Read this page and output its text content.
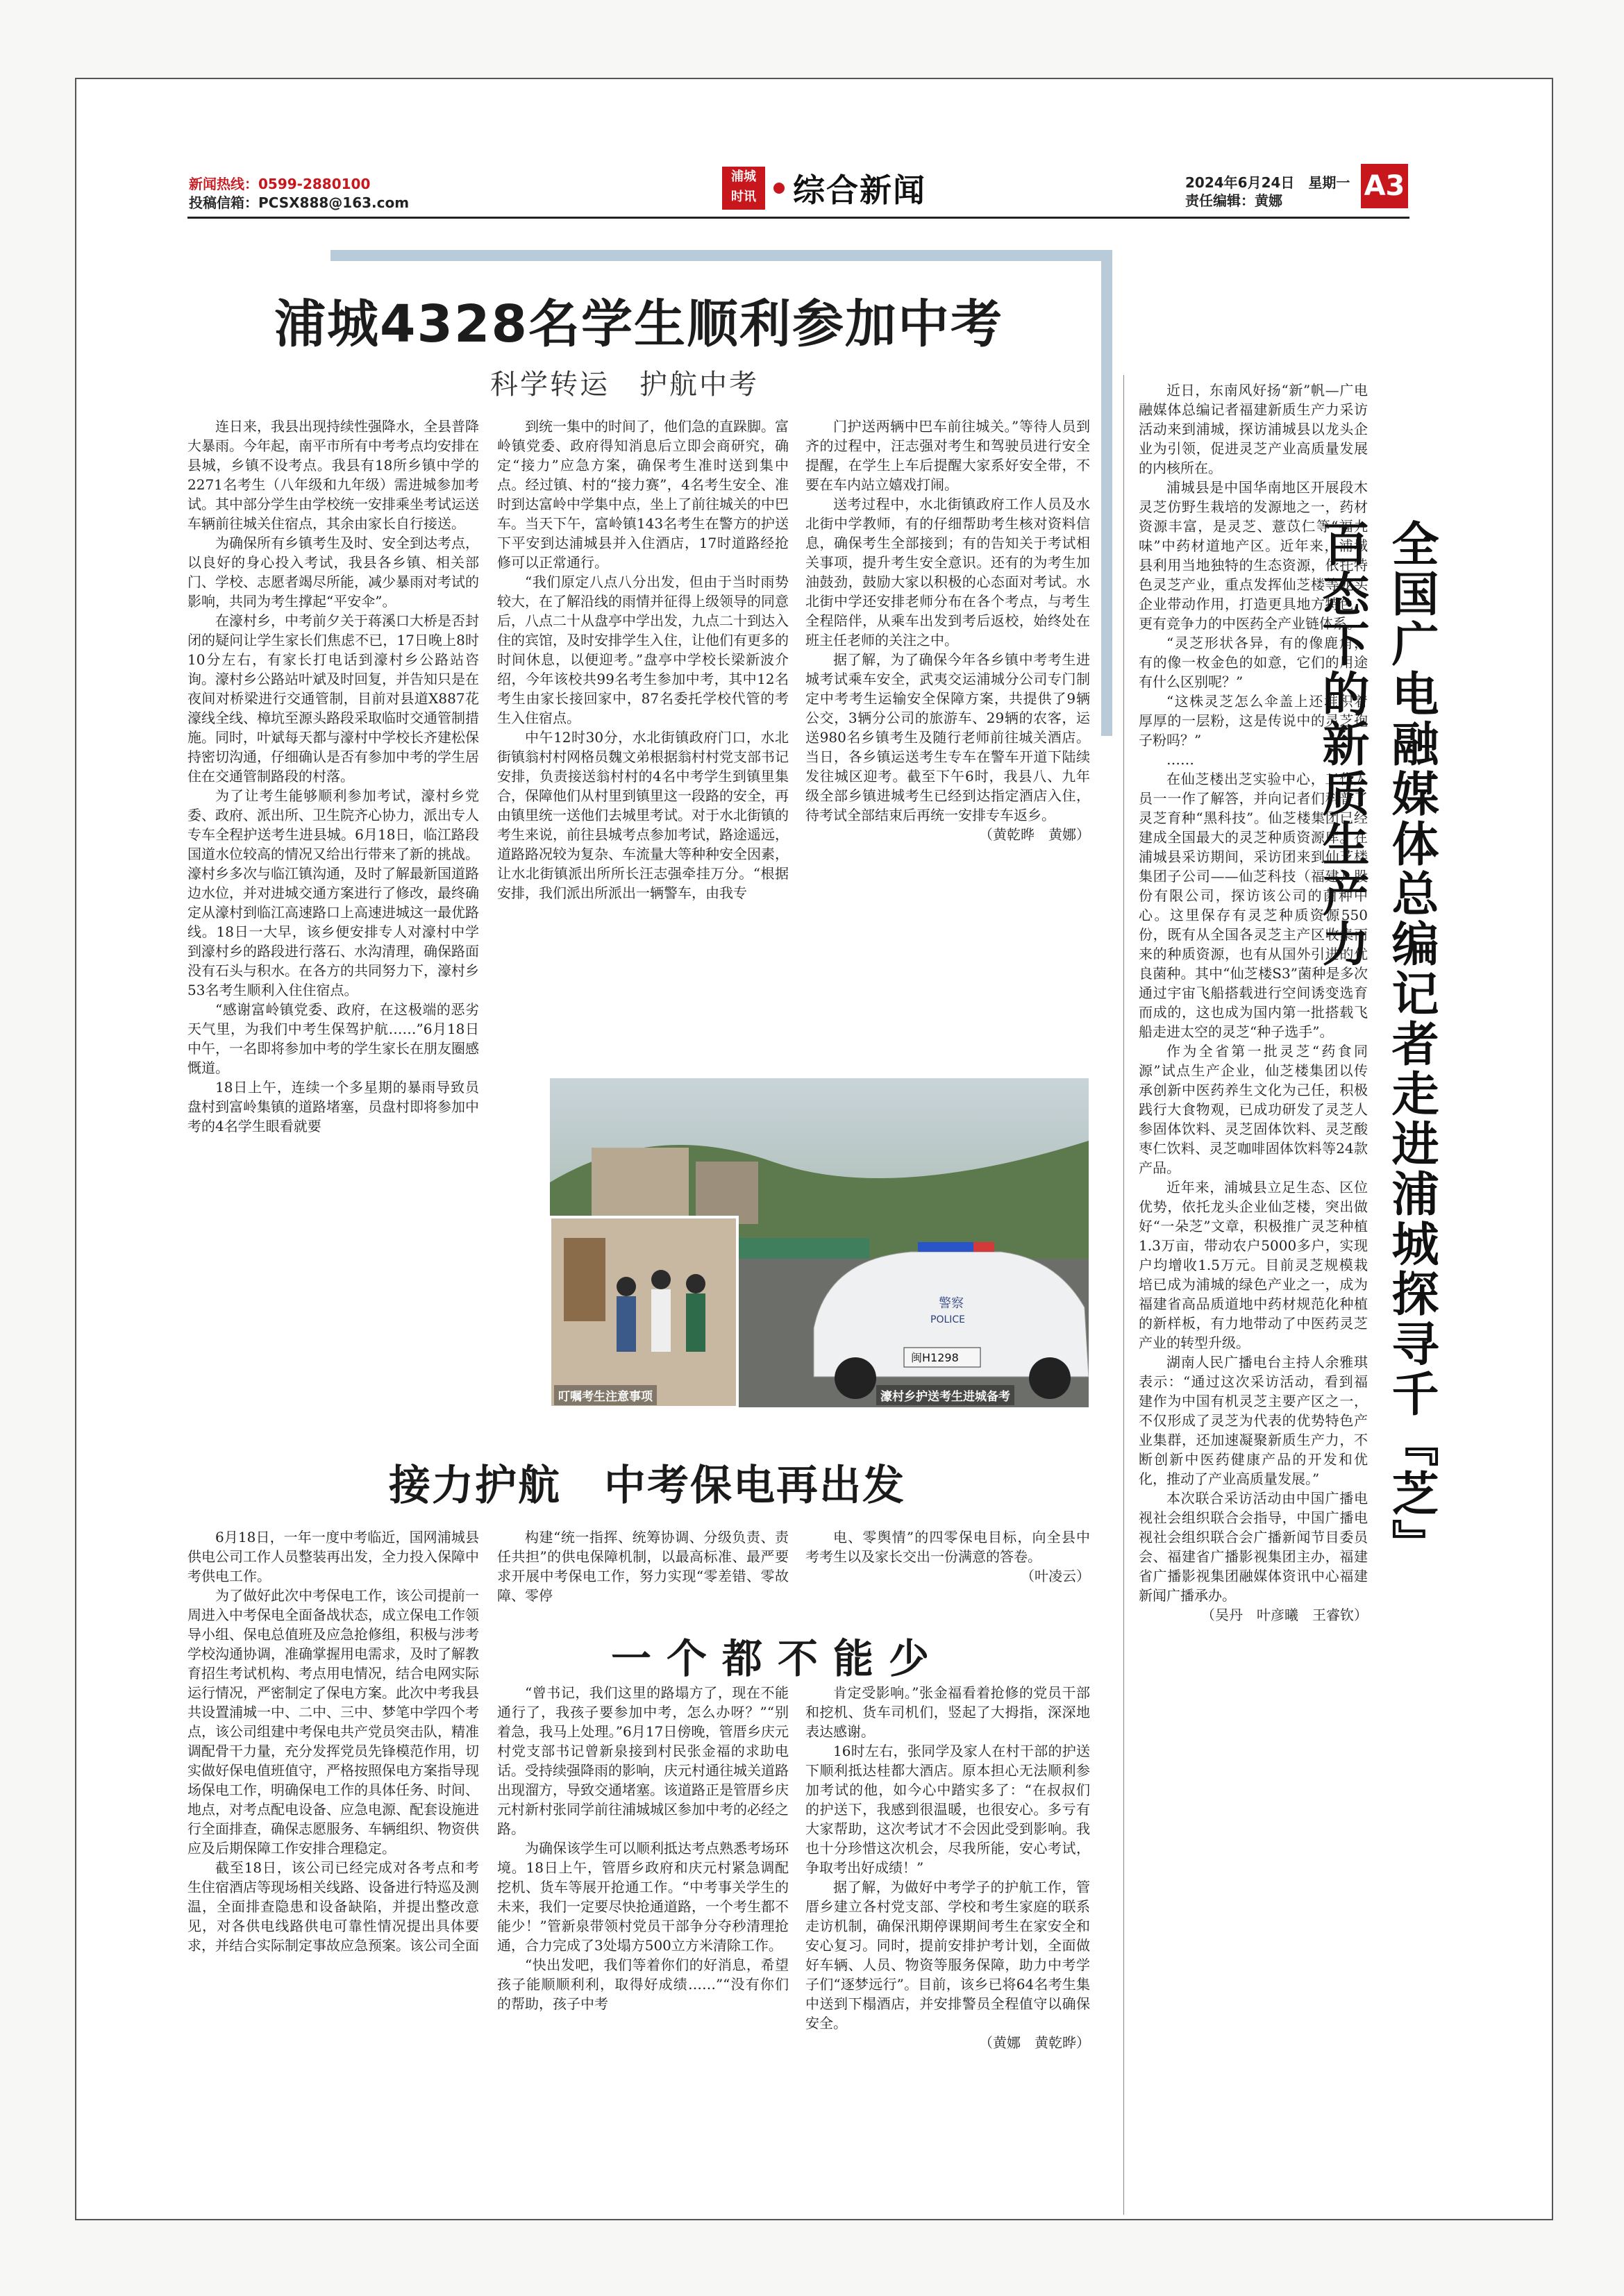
新闻热线：0599-2880100
投稿信箱：PCSX888@163.com
浦城
时讯 综合新闻	2024年6月24日　星期一
责任编辑：黄娜	A3
浦城4328名学生顺利参加中考
科学转运　护航中考

连日来，我县出现持续性强降水，全县普降大暴雨。今年起，南平市所有中考考点均安排在县城，乡镇不设考点。我县有18所乡镇中学的2271名考生（八年级和九年级）需进城参加考试。其中部分学生由学校统一安排乘坐考试运送车辆前往城关住宿点，其余由家长自行接送。

为确保所有乡镇考生及时、安全到达考点，以良好的身心投入考试，我县各乡镇、相关部门、学校、志愿者竭尽所能，减少暴雨对考试的影响，共同为考生撑起“平安伞”。

在濠村乡，中考前夕关于蒋溪口大桥是否封闭的疑问让学生家长们焦虑不已，17日晚上8时10分左右，有家长打电话到濠村乡公路站咨询。濠村乡公路站叶斌及时回复，并告知只是在夜间对桥梁进行交通管制，目前对县道X887花濠线全线、樟坑至源头路段采取临时交通管制措施。同时，叶斌每天都与濠村中学校长齐建松保持密切沟通，仔细确认是否有参加中考的学生居住在交通管制路段的村落。

为了让考生能够顺利参加考试，濠村乡党委、政府、派出所、卫生院齐心协力，派出专人专车全程护送考生进县城。6月18日，临江路段国道水位较高的情况又给出行带来了新的挑战。濠村乡多次与临江镇沟通，及时了解最新国道路边水位，并对进城交通方案进行了修改，最终确定从濠村到临江高速路口上高速进城这一最优路线。18日一大早，该乡便安排专人对濠村中学到濠村乡的路段进行落石、水沟清理，确保路面没有石头与积水。在各方的共同努力下，濠村乡53名考生顺利入住住宿点。

“感谢富岭镇党委、政府，在这极端的恶劣天气里，为我们中考生保驾护航……”6月18日中午，一名即将参加中考的学生家长在朋友圈感慨道。

18日上午，连续一个多星期的暴雨导致员盘村到富岭集镇的道路堵塞，员盘村即将参加中考的4名学生眼看就要

到统一集中的时间了，他们急的直跺脚。富岭镇党委、政府得知消息后立即会商研究，确定“接力”应急方案，确保考生准时送到集中点。经过镇、村的“接力赛”，4名考生安全、准时到达富岭中学集中点，坐上了前往城关的中巴车。当天下午，富岭镇143名考生在警方的护送下平安到达浦城县并入住酒店，17时道路经抢修可以正常通行。

“我们原定八点八分出发，但由于当时雨势较大，在了解沿线的雨情并征得上级领导的同意后，八点二十从盘亭中学出发，九点二十到达入住的宾馆，及时安排学生入住，让他们有更多的时间休息，以便迎考。”盘亭中学校长梁新波介绍，今年该校共99名考生参加中考，其中12名考生由家长接回家中，87名委托学校代管的考生入住宿点。

中午12时30分，水北街镇政府门口，水北街镇翁村村网格员魏文弟根据翁村村党支部书记安排，负责接送翁村村的4名中考学生到镇里集合，保障他们从村里到镇里这一段路的安全，再由镇里统一送他们去城里考试。对于水北街镇的考生来说，前往县城考点参加考试，路途遥远，道路路况较为复杂、车流量大等种种安全因素，让水北街镇派出所所长汪志强牵挂万分。“根据安排，我们派出所派出一辆警车，由我专

门护送两辆中巴车前往城关。”等待人员到齐的过程中，汪志强对考生和驾驶员进行安全提醒，在学生上车后提醒大家系好安全带，不要在车内站立嬉戏打闹。

送考过程中，水北街镇政府工作人员及水北街中学教师，有的仔细帮助考生核对资料信息，确保考生全部接到；有的告知关于考试相关事项，提升考生安全意识。还有的为考生加油鼓劲，鼓励大家以积极的心态面对考试。水北街中学还安排老师分布在各个考点，与考生全程陪伴，从乘车出发到考后返校，始终处在班主任老师的关注之中。

据了解，为了确保今年各乡镇中考考生进城考试乘车安全，武夷交运浦城分公司专门制定中考考生运输安全保障方案，共提供了9辆公交，3辆分公司的旅游车、29辆的农客，运送980名乡镇考生及随行老师前往城关酒店。当日，各乡镇运送考生专车在警车开道下陆续发往城区迎考。截至下午6时，我县八、九年级全部乡镇进城考生已经到达指定酒店入住，待考试全部结束后再统一安排专车返乡。

（黄乾晔　黄娜）

警察
POLICE
闽H1298
叮嘱考生注意事项	濠村乡护送考生进城备考
接力护航　中考保电再出发

6月18日，一年一度中考临近，国网浦城县供电公司工作人员整装再出发，全力投入保障中考供电工作。

为了做好此次中考保电工作，该公司提前一周进入中考保电全面备战状态，成立保电工作领导小组、保电总值班及应急抢修组，积极与涉考学校沟通协调，准确掌握用电需求，及时了解教育招生考试机构、考点用电情况，结合电网实际运行情况，严密制定了保电方案。此次中考我县共设置浦城一中、二中、三中、梦笔中学四个考点，该公司组建中考保电共产党员突击队，精准调配骨干力量，充分发挥党员先锋模范作用，切实做好保电值班值守，严格按照保电方案指导现场保电工作，明确保电工作的具体任务、时间、地点，对考点配电设备、应急电源、配套设施进行全面排查，确保志愿服务、车辆组织、物资供应及后期保障工作安排合理稳定。

截至18日，该公司已经完成对各考点和考生住宿酒店等现场相关线路、设备进行特巡及测温，全面排查隐患和设备缺陷，并提出整改意见，对各供电线路供电可靠性情况提出具体要求，并结合实际制定事故应急预案。该公司全面

构建“统一指挥、统筹协调、分级负责、责任共担”的供电保障机制，以最高标准、最严要求开展中考保电工作，努力实现“零差错、零故障、零停

电、零舆情”的四零保电目标，向全县中考考生以及家长交出一份满意的答卷。

（叶凌云）

一个都不能少

“曾书记，我们这里的路塌方了，现在不能通行了，我孩子要参加中考，怎么办呀？”“别着急，我马上处理。”6月17日傍晚，管厝乡庆元村党支部书记曾新泉接到村民张金福的求助电话。受持续强降雨的影响，庆元村通往城关道路出现溜方，导致交通堵塞。该道路正是管厝乡庆元村新村张同学前往浦城城区参加中考的必经之路。

为确保该学生可以顺利抵达考点熟悉考场环境。18日上午，管厝乡政府和庆元村紧急调配挖机、货车等展开抢通工作。“中考事关学生的未来，我们一定要尽快抢通道路，一个考生都不能少！”管新泉带领村党员干部争分夺秒清理抢通，合力完成了3处塌方500立方米清除工作。

“快出发吧，我们等着你们的好消息，希望孩子能顺顺利利，取得好成绩……”“没有你们的帮助，孩子中考

肯定受影响。”张金福看着抢修的党员干部和挖机、货车司机们，竖起了大拇指，深深地表达感谢。

16时左右，张同学及家人在村干部的护送下顺利抵达桂都大酒店。原本担心无法顺利参加考试的他，如今心中踏实多了：“在叔叔们的护送下，我感到很温暖，也很安心。多亏有大家帮助，这次考试才不会因此受到影响。我也十分珍惜这次机会，尽我所能，安心考试，争取考出好成绩！”

据了解，为做好中考学子的护航工作，管厝乡建立各村党支部、学校和考生家庭的联系走访机制，确保汛期停课期间考生在家安全和安心复习。同时，提前安排护考计划，全面做好车辆、人员、物资等服务保障，助力中考学子们“逐梦远行”。目前，该乡已将64名考生集中送到下榻酒店，并安排警员全程值守以确保安全。

（黄娜　黄乾晔）

近日，东南风好扬“新”帆—广电融媒体总编记者福建新质生产力采访活动来到浦城，探访浦城县以龙头企业为引领，促进灵芝产业高质量发展的内核所在。

浦城县是中国华南地区开展段木灵芝仿野生栽培的发源地之一，药材资源丰富，是灵芝、薏苡仁等“福九味”中药材道地产区。近年来，浦城县利用当地独特的生态资源，依托特色灵芝产业，重点发挥仙芝楼等龙头企业带动作用，打造更具地方特色、更有竞争力的中医药全产业链体系。

“灵芝形状各异，有的像鹿角，有的像一枚金色的如意，它们的用途有什么区别呢？”

“这株灵芝怎么伞盖上还堆积着厚厚的一层粉，这是传说中的灵芝孢子粉吗？”

……

在仙芝楼出芝实验中心，工作人员一一作了解答，并向记者们科普了灵芝育种“黑科技”。仙芝楼集团已经建成全国最大的灵芝种质资源库。在浦城县采访期间，采访团来到仙芝楼集团子公司——仙芝科技（福建）股份有限公司，探访该公司的菌种中心。这里保存有灵芝种质资源550份，既有从全国各灵芝主产区收集而来的种质资源，也有从国外引进的优良菌种。其中“仙芝楼S3”菌种是多次通过宇宙飞船搭载进行空间诱变选育而成的，这也成为国内第一批搭载飞船走进太空的灵芝“种子选手”。

作为全省第一批灵芝“药食同源”试点生产企业，仙芝楼集团以传承创新中医药养生文化为己任，积极践行大食物观，已成功研发了灵芝人参固体饮料、灵芝固体饮料、灵芝酸枣仁饮料、灵芝咖啡固体饮料等24款产品。

近年来，浦城县立足生态、区位优势，依托龙头企业仙芝楼，突出做好“一朵芝”文章，积极推广灵芝种植1.3万亩，带动农户5000多户，实现户均增收1.5万元。目前灵芝规模栽培已成为浦城的绿色产业之一，成为福建省高品质道地中药材规范化种植的新样板，有力地带动了中医药灵芝产业的转型升级。

湖南人民广播电台主持人余雅琪表示：“通过这次采访活动，看到福建作为中国有机灵芝主要产区之一，不仅形成了灵芝为代表的优势特色产业集群，还加速凝聚新质生产力，不断创新中医药健康产品的开发和优化，推动了产业高质量发展。”

本次联合采访活动由中国广播电视社会组织联合会指导，中国广播电视社会组织联合会广播新闻节目委员会、福建省广播影视集团主办，福建省广播影视集团融媒体资讯中心福建新闻广播承办。

（吴丹　叶彦曦　王睿钦）

全国广电融媒体总编记者走进浦城探寻千『芝』百态下的新质生产力
